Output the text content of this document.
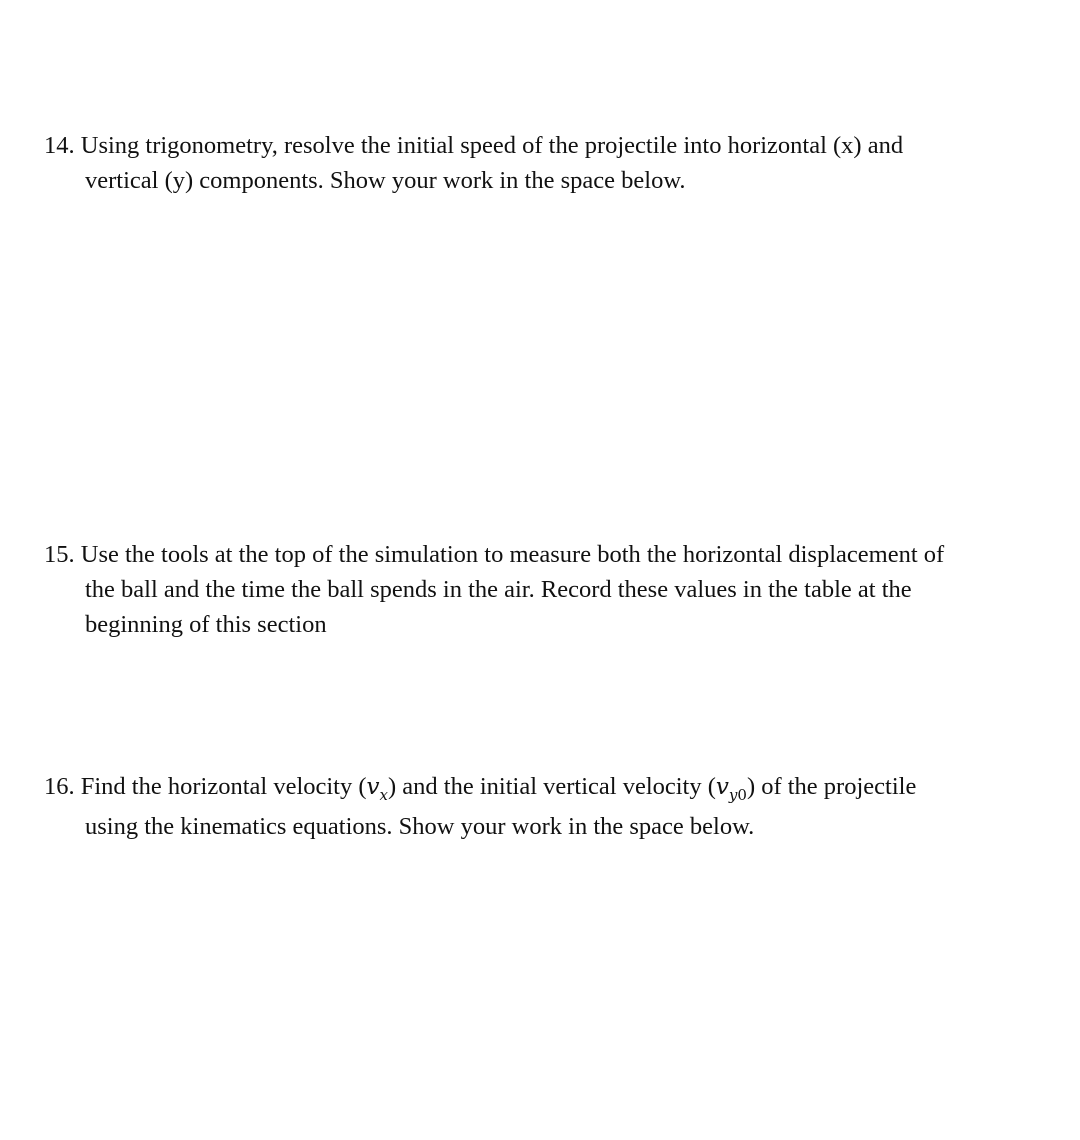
14. Using trigonometry, resolve the initial speed of the projectile into horizontal (x) and
vertical (y) components. Show your work in the space below.
15. Use the tools at the top of the simulation to measure both the horizontal displacement of
the ball and the time the ball spends in the air. Record these values in the table at the
beginning of this section
16. Find the horizontal velocity $(v_x)$ and the initial vertical velocity $(v_{y0})$ of the projectile
using the kinematics equations. Show your work in the space below.
